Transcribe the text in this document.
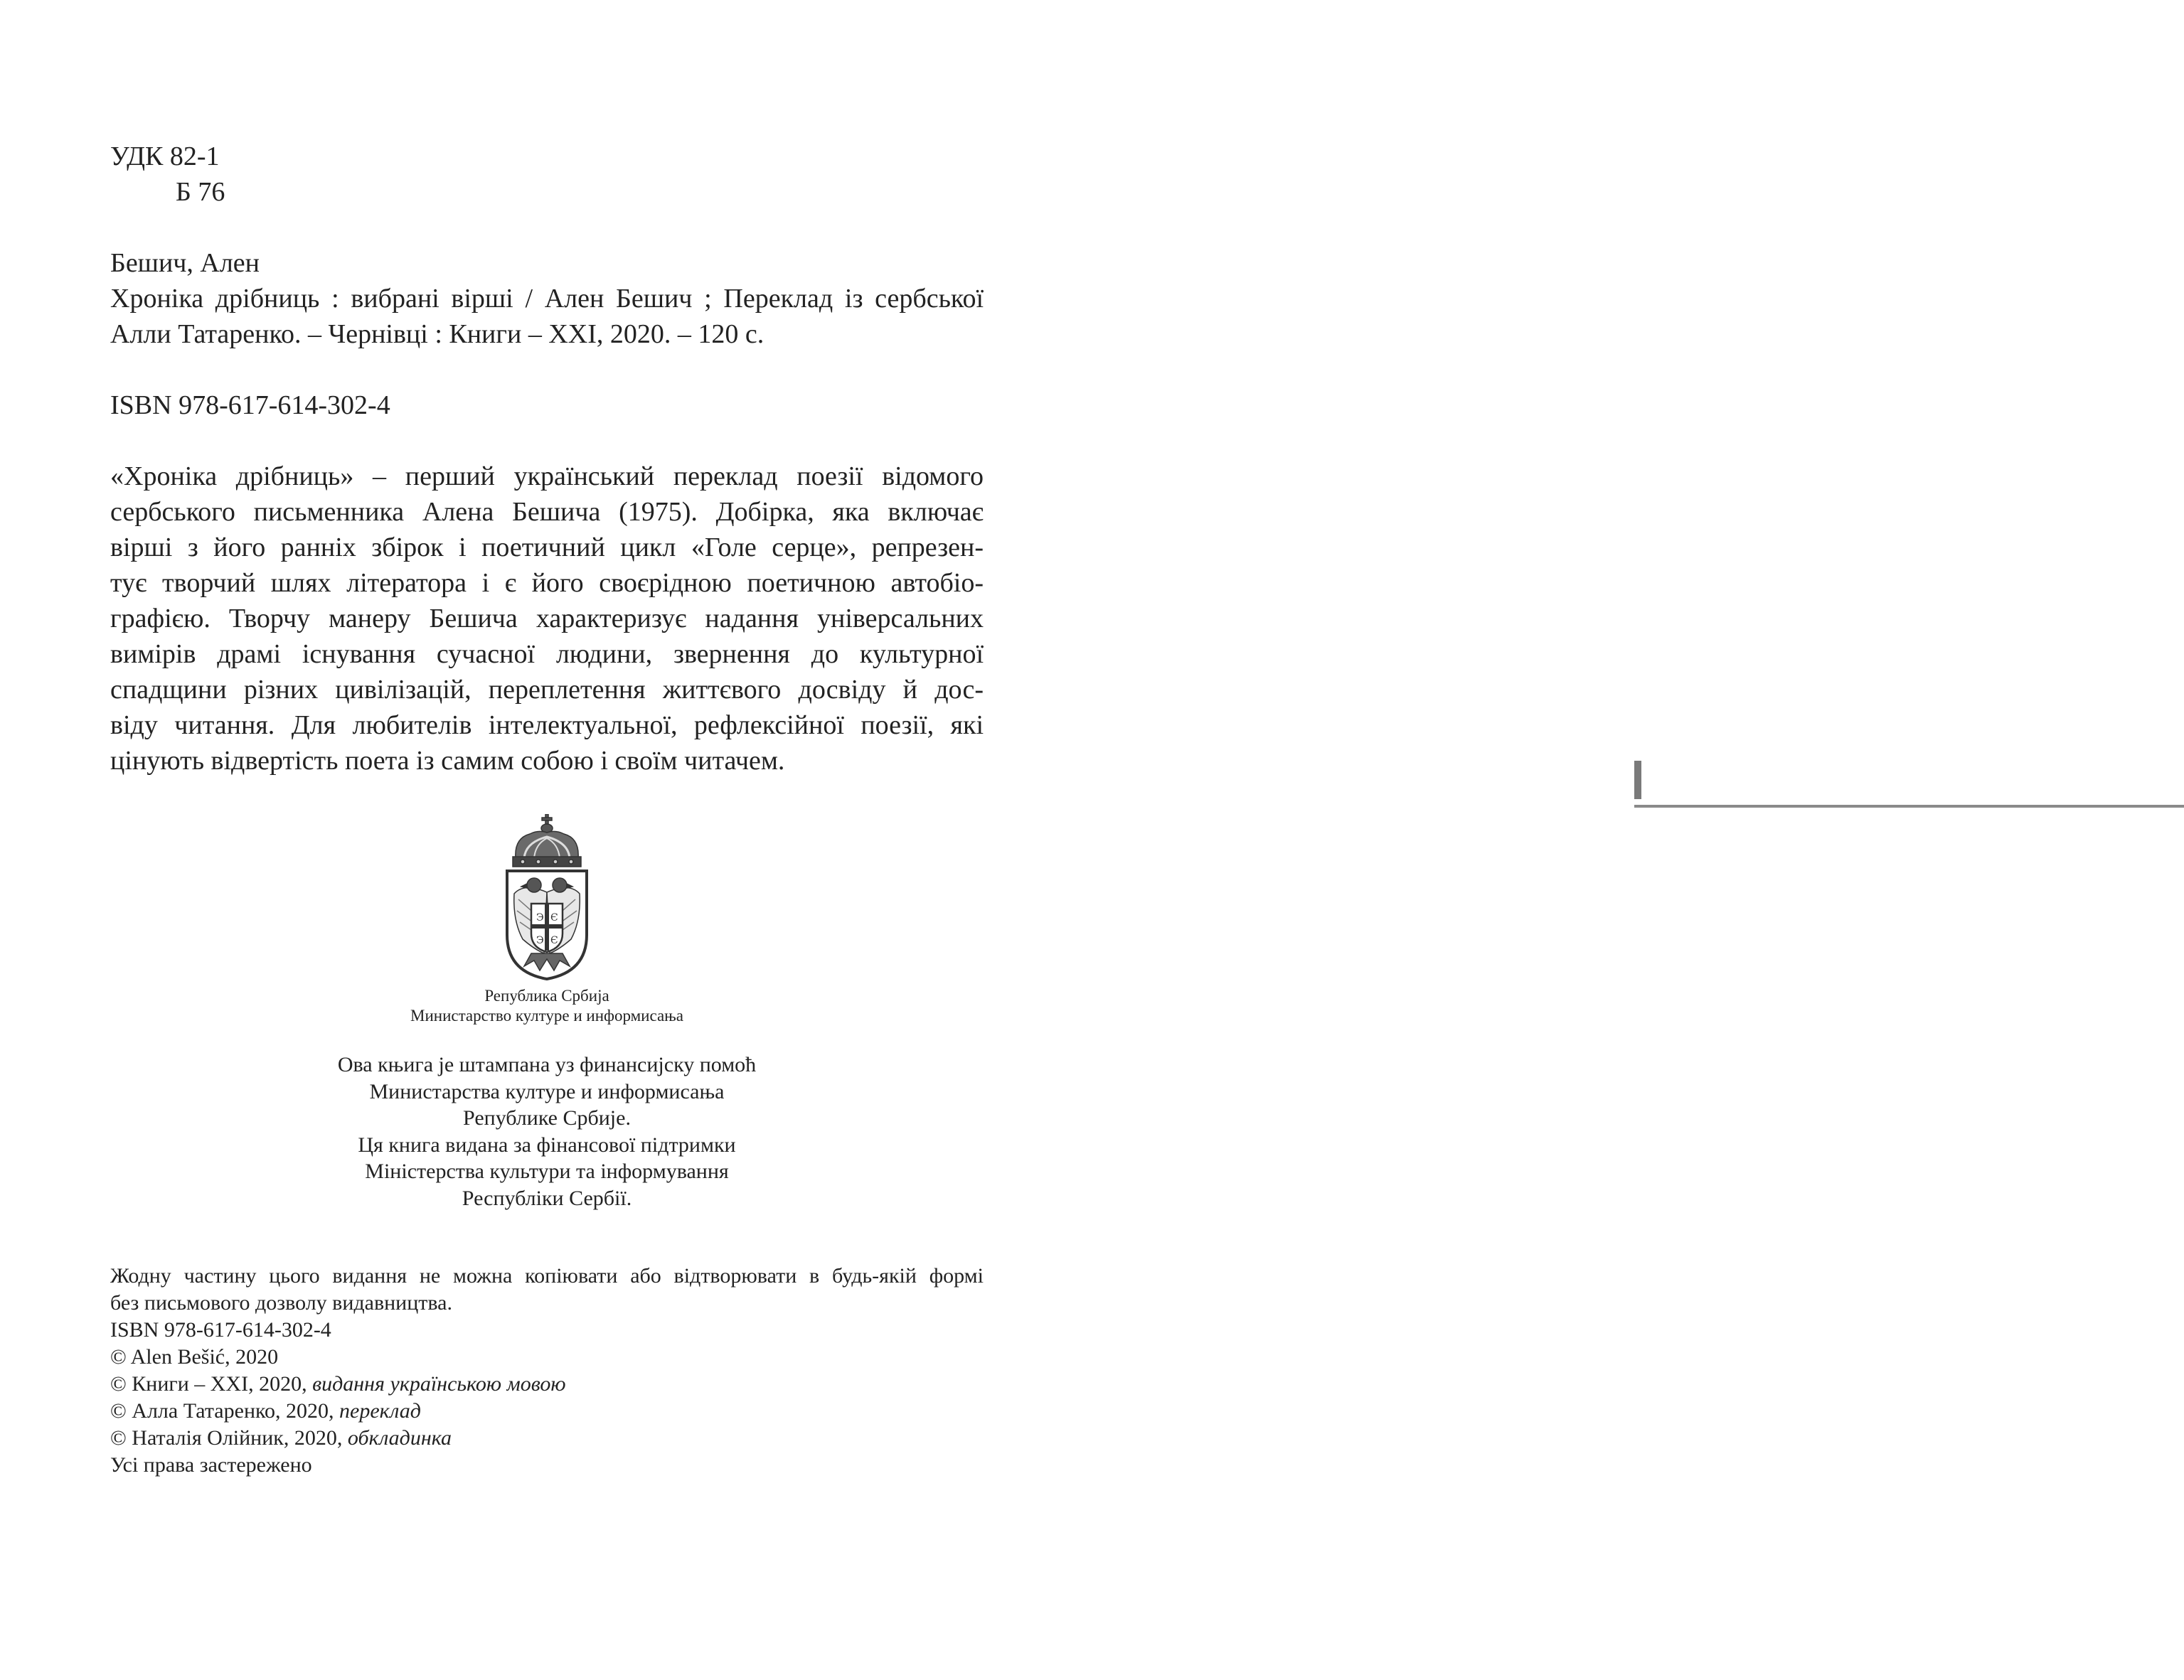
УДК 82-1

Б 76

Бешич, Ален

Хроніка дрібниць : вибрані вірші / Ален Бешич ; Переклад із сербської
Алли Татаренко. – Чернівці : Книги – XXI, 2020. – 120 с.

ISBN 978-617-614-302-4

«Хроніка дрібниць» – перший український переклад поезії відомого
сербського письменника Алена Бешича (1975). Добірка, яка включає
вірші з його ранніх збірок і поетичний цикл «Голе серце», репрезен-
тує творчий шлях літератора і є його своєрідною поетичною автобіо-
графією. Творчу манеру Бешича характеризує надання універсальних
вимірів драмі існування сучасної людини, звернення до культурної
спадщини різних цивілізацій, переплетення життєвого досвіду й дос-
віду читання. Для любителів інтелектуальної, рефлексійної поезії, які
цінують відвертість поета із самим собою і своїм читачем.

Э Є
Э Є

Република Србија

Министарство културе и информисања

Ова књига је штампана уз финансијску помоћ

Министарства културе и информисања

Републике Србије.

Ця книга видана за фінансової підтримки

Міністерства культури та інформування

Республіки Сербії.

Жодну частину цього видання не можна копіювати або відтворювати в будь-якій формі
без письмового дозволу видавництва.

ISBN 978-617-614-302-4

© Alen Bešić, 2020

© Книги – XXI, 2020, видання українською мовою

© Алла Татаренко, 2020, переклад

© Наталія Олійник, 2020, обкладинка

Усі права застережено
